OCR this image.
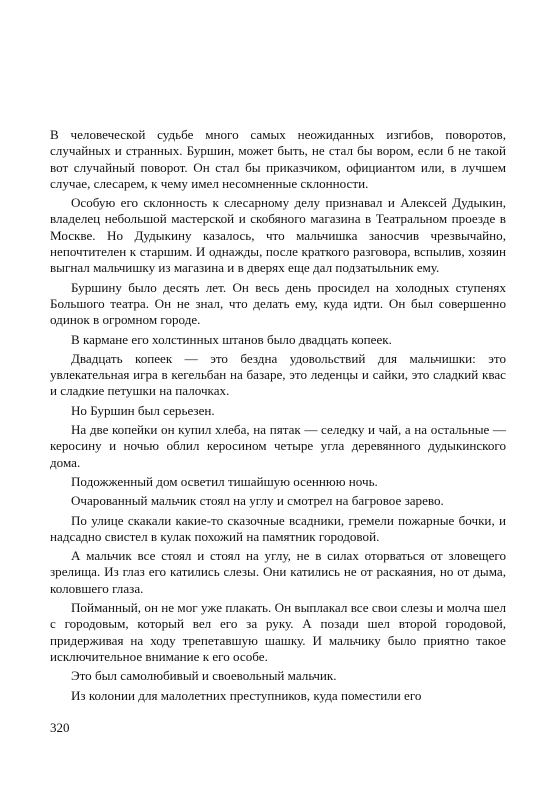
В человеческой судьбе много самых неожиданных изгибов, поворотов, случайных и странных. Буршин, может быть, не стал бы вором, если б не такой вот случайный поворот. Он стал бы приказчиком, официантом или, в лучшем случае, слесарем, к чему имел несомненные склонности.

Особую его склонность к слесарному делу признавал и Алексей Дудыкин, владелец небольшой мастерской и скобяного магазина в Театральном проезде в Москве. Но Дудыкину казалось, что мальчишка заносчив чрезвычайно, непочтителен к старшим. И однажды, после краткого разговора, вспылив, хозяин выгнал мальчишку из магазина и в дверях еще дал подзатыльник ему.

Буршину было десять лет. Он весь день просидел на холодных ступенях Большого театра. Он не знал, что делать ему, куда идти. Он был совершенно одинок в огромном городе.

В кармане его холстинных штанов было двадцать копеек.

Двадцать копеек — это бездна удовольствий для мальчишки: это увлекательная игра в кегельбан на базаре, это леденцы и сайки, это сладкий квас и сладкие петушки на палочках.

Но Буршин был серьезен.

На две копейки он купил хлеба, на пятак — селедку и чай, а на остальные — керосину и ночью облил керосином четыре угла деревянного дудыкинского дома.

Подожженный дом осветил тишайшую осеннюю ночь.

Очарованный мальчик стоял на углу и смотрел на багровое зарево.

По улице скакали какие-то сказочные всадники, гремели пожарные бочки, и надсадно свистел в кулак похожий на памятник городовой.

А мальчик все стоял и стоял на углу, не в силах оторваться от зловещего зрелища. Из глаз его катились слезы. Они катились не от раскаяния, но от дыма, коловшего глаза.

Пойманный, он не мог уже плакать. Он выплакал все свои слезы и молча шел с городовым, который вел его за руку. А позади шел второй городовой, придерживая на ходу трепетавшую шашку. И мальчику было приятно такое исключительное внимание к его особе.

Это был самолюбивый и своевольный мальчик.

Из колонии для малолетних преступников, куда поместили его

320
